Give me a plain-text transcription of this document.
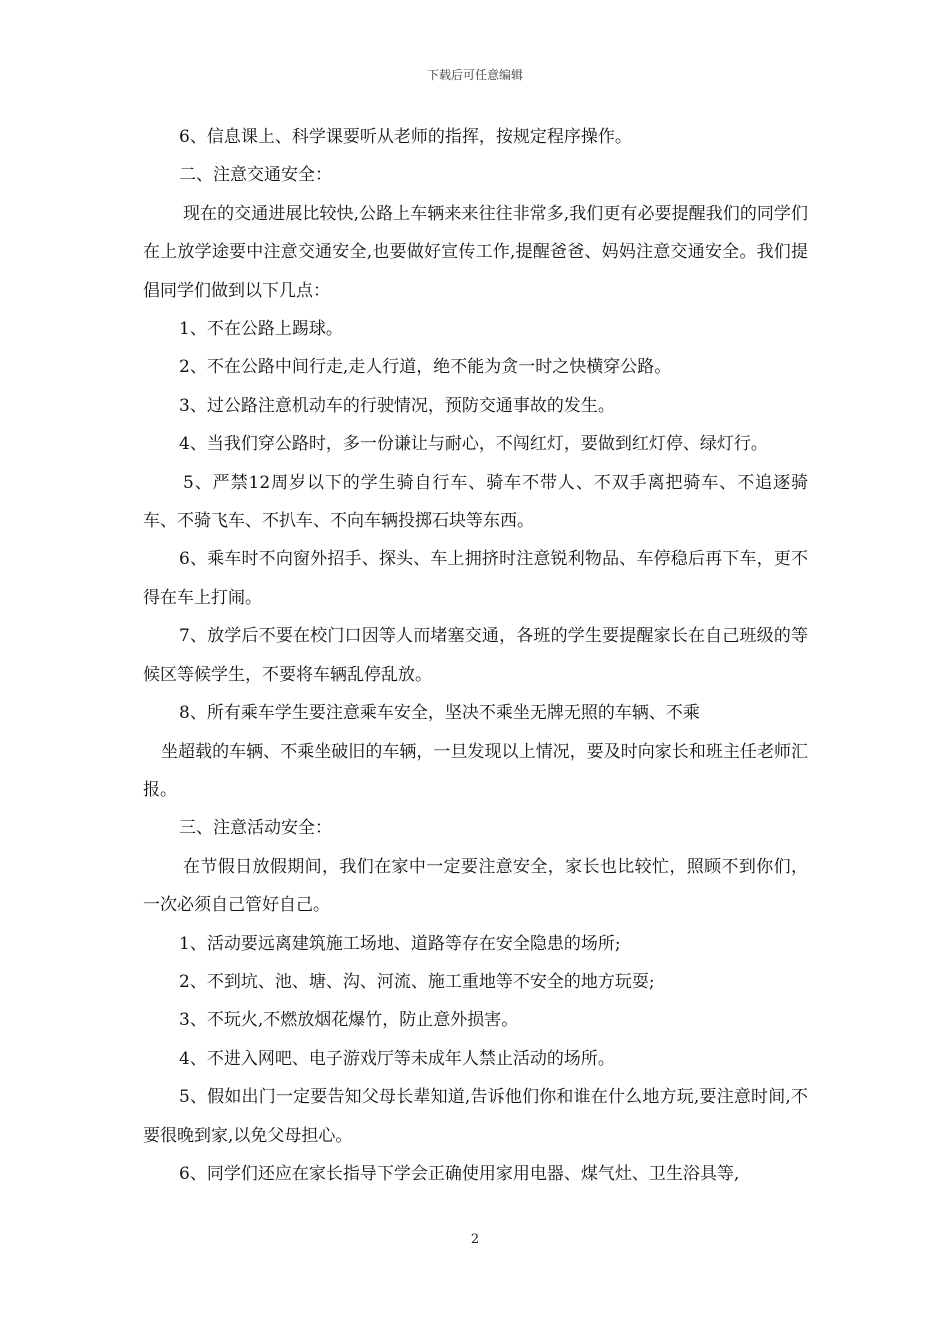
下载后可任意编辑

6、信息课上、科学课要听从老师的指挥，按规定程序操作。

二、注意交通安全：

现在的交通进展比较快,公路上车辆来来往往非常多,我们更有必要提醒我们的同学们在上放学途要中注意交通安全,也要做好宣传工作,提醒爸爸、妈妈注意交通安全。我们提倡同学们做到以下几点：

1、不在公路上踢球。

2、不在公路中间行走,走人行道，绝不能为贪一时之快横穿公路。

3、过公路注意机动车的行驶情况，预防交通事故的发生。

4、当我们穿公路时，多一份谦让与耐心，不闯红灯，要做到红灯停、绿灯行。

5、严禁12周岁以下的学生骑自行车、骑车不带人、不双手离把骑车、不追逐骑车、不骑飞车、不扒车、不向车辆投掷石块等东西。

6、乘车时不向窗外招手、探头、车上拥挤时注意锐利物品、车停稳后再下车，更不得在车上打闹。

7、放学后不要在校门口因等人而堵塞交通，各班的学生要提醒家长在自己班级的等候区等候学生，不要将车辆乱停乱放。

8、所有乘车学生要注意乘车安全，坚决不乘坐无牌无照的车辆、不乘

坐超载的车辆、不乘坐破旧的车辆，一旦发现以上情况，要及时向家长和班主任老师汇报。

三、注意活动安全：

在节假日放假期间，我们在家中一定要注意安全，家长也比较忙，照顾不到你们，一次必须自己管好自己。

1、活动要远离建筑施工场地、道路等存在安全隐患的场所;

2、不到坑、池、塘、沟、河流、施工重地等不安全的地方玩耍;

3、不玩火,不燃放烟花爆竹，防止意外损害。

4、不进入网吧、电子游戏厅等未成年人禁止活动的场所。

5、假如出门一定要告知父母长辈知道,告诉他们你和谁在什么地方玩,要注意时间,不要很晚到家,以免父母担心。

6、同学们还应在家长指导下学会正确使用家用电器、煤气灶、卫生浴具等,

2
